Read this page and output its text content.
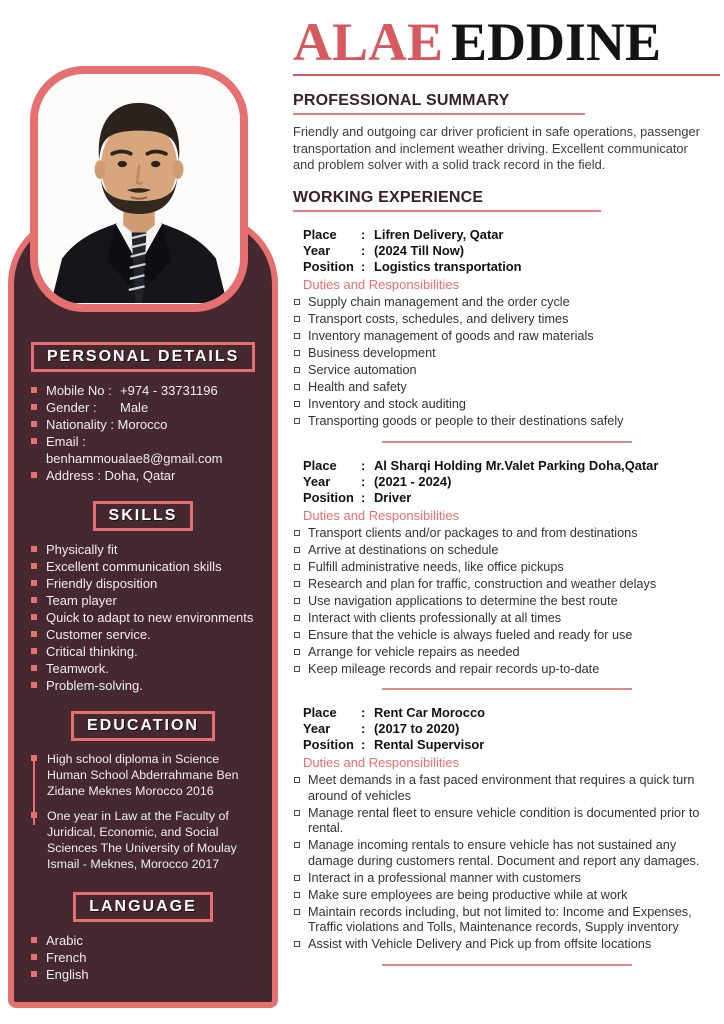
PERSONAL DETAILS
Mobile No : +974 - 33731196
Gender : Male
Nationality : Morocco
Email : benhammoualae8@gmail.com
Address : Doha, Qatar
SKILLS
Physically fit
Excellent communication skills
Friendly disposition
Team player
Quick to adapt to new environments
Customer service.
Critical thinking.
Teamwork.
Problem-solving.
EDUCATION
High school diploma in Science Human School Abderrahmane Ben Zidane Meknes Morocco 2016
One year in Law at the Faculty of Juridical, Economic, and Social Sciences The University of Moulay Ismail - Meknes, Morocco 2017
LANGUAGE
Arabic
French
English
ALAE EDDINE
PROFESSIONAL SUMMARY

Friendly and outgoing car driver proficient in safe operations, passenger transportation and inclement weather driving. Excellent communicator and problem solver with a solid track record in the field.

WORKING EXPERIENCE
Place	: Lifren Delivery, Qatar
Year	: (2024 Till Now)
Position : Logistics transportation
Duties and Responsibilities
Supply chain management and the order cycle
Transport costs, schedules, and delivery times
Inventory management of goods and raw materials
Business development
Service automation
Health and safety
Inventory and stock auditing
Transporting goods or people to their destinations safely
Place	: Al Sharqi Holding Mr.Valet Parking Doha,Qatar
Year	: (2021 - 2024)
Position : Driver
Duties and Responsibilities
Transport clients and/or packages to and from destinations
Arrive at destinations on schedule
Fulfill administrative needs, like office pickups
Research and plan for traffic, construction and weather delays
Use navigation applications to determine the best route
Interact with clients professionally at all times
Ensure that the vehicle is always fueled and ready for use
Arrange for vehicle repairs as needed
Keep mileage records and repair records up-to-date
Place	: Rent Car Morocco
Year	: (2017 to 2020)
Position : Rental Supervisor
Duties and Responsibilities
Meet demands in a fast paced environment that requires a quick turn around of vehicles
Manage rental fleet to ensure vehicle condition is documented prior to rental.
Manage incoming rentals to ensure vehicle has not sustained any damage during customers rental. Document and report any damages.
Interact in a professional manner with customers
Make sure employees are being productive while at work
Maintain records including, but not limited to: Income and Expenses, Traffic violations and Tolls, Maintenance records, Supply inventory
Assist with Vehicle Delivery and Pick up from offsite locations
